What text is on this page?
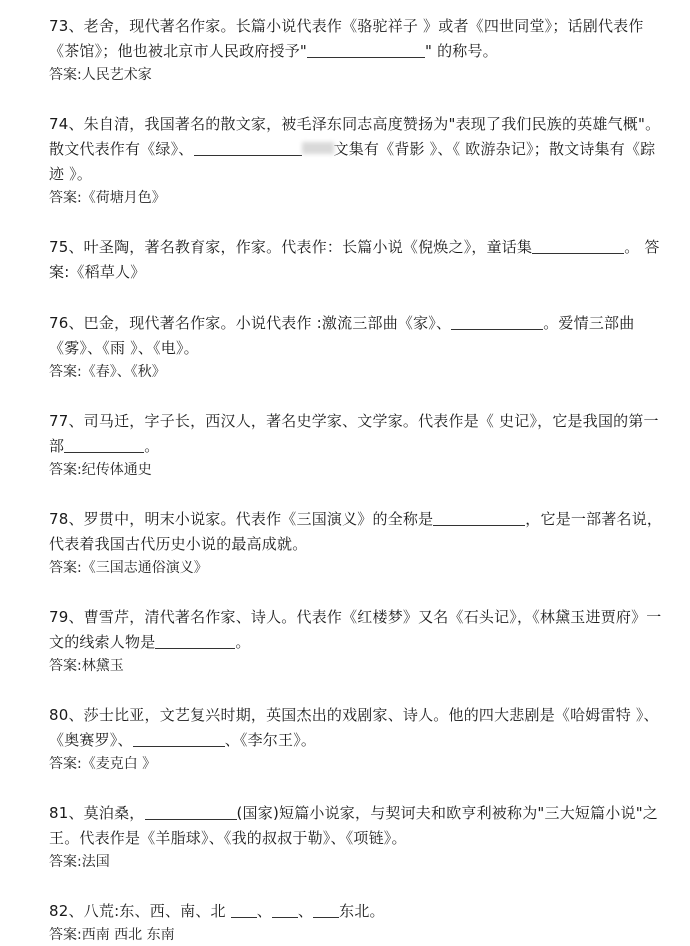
73、老舍，现代著名作家。长篇小说代表作《骆驼祥子 》或者《四世同堂》；话剧代表作《茶馆》；他也被北京市人民政府授予"	" 的称号。

答案:人民艺术家

74、朱自清，我国著名的散文家，被毛泽东同志高度赞扬为"表现了我们民族的英雄气概"。散文代表作有《绿》、	文集有《背影 》、《 欧游杂记》；散文诗集有《踪迹 》。

答案:《荷塘月色》

75、叶圣陶，著名教育家，作家。代表作：长篇小说《倪焕之》，童话集	。 答案:《稻草人》

76、巴金，现代著名作家。小说代表作 :激流三部曲《家》、	。爱情三部曲《雾》、《雨 》、《电》。

答案:《春》、《秋》

77、司马迁，字子长，西汉人，著名史学家、文学家。代表作是《 史记》，它是我国的第一部	。

答案:纪传体通史

78、罗贯中，明末小说家。代表作《三国演义》的全称是	，它是一部著名说，代表着我国古代历史小说的最高成就。

答案:《三国志通俗演义》

79、曹雪芹，清代著名作家、诗人。代表作《红楼梦》又名《石头记》，《林黛玉进贾府》一文的线索人物是	。

答案:林黛玉

80、莎士比亚，文艺复兴时期，英国杰出的戏剧家、诗人。他的四大悲剧是《哈姆雷特 》、《奥赛罗》、	、《李尔王》。

答案:《麦克白 》

81、莫泊桑，	(国家)短篇小说家，与契诃夫和欧亨利被称为"三大短篇小说"之王。代表作是《羊脂球》、《我的叔叔于勒》、《项链》。

答案:法国

82、八荒:东、西、南、北 、 、 东北。

答案:西南 西北 东南
